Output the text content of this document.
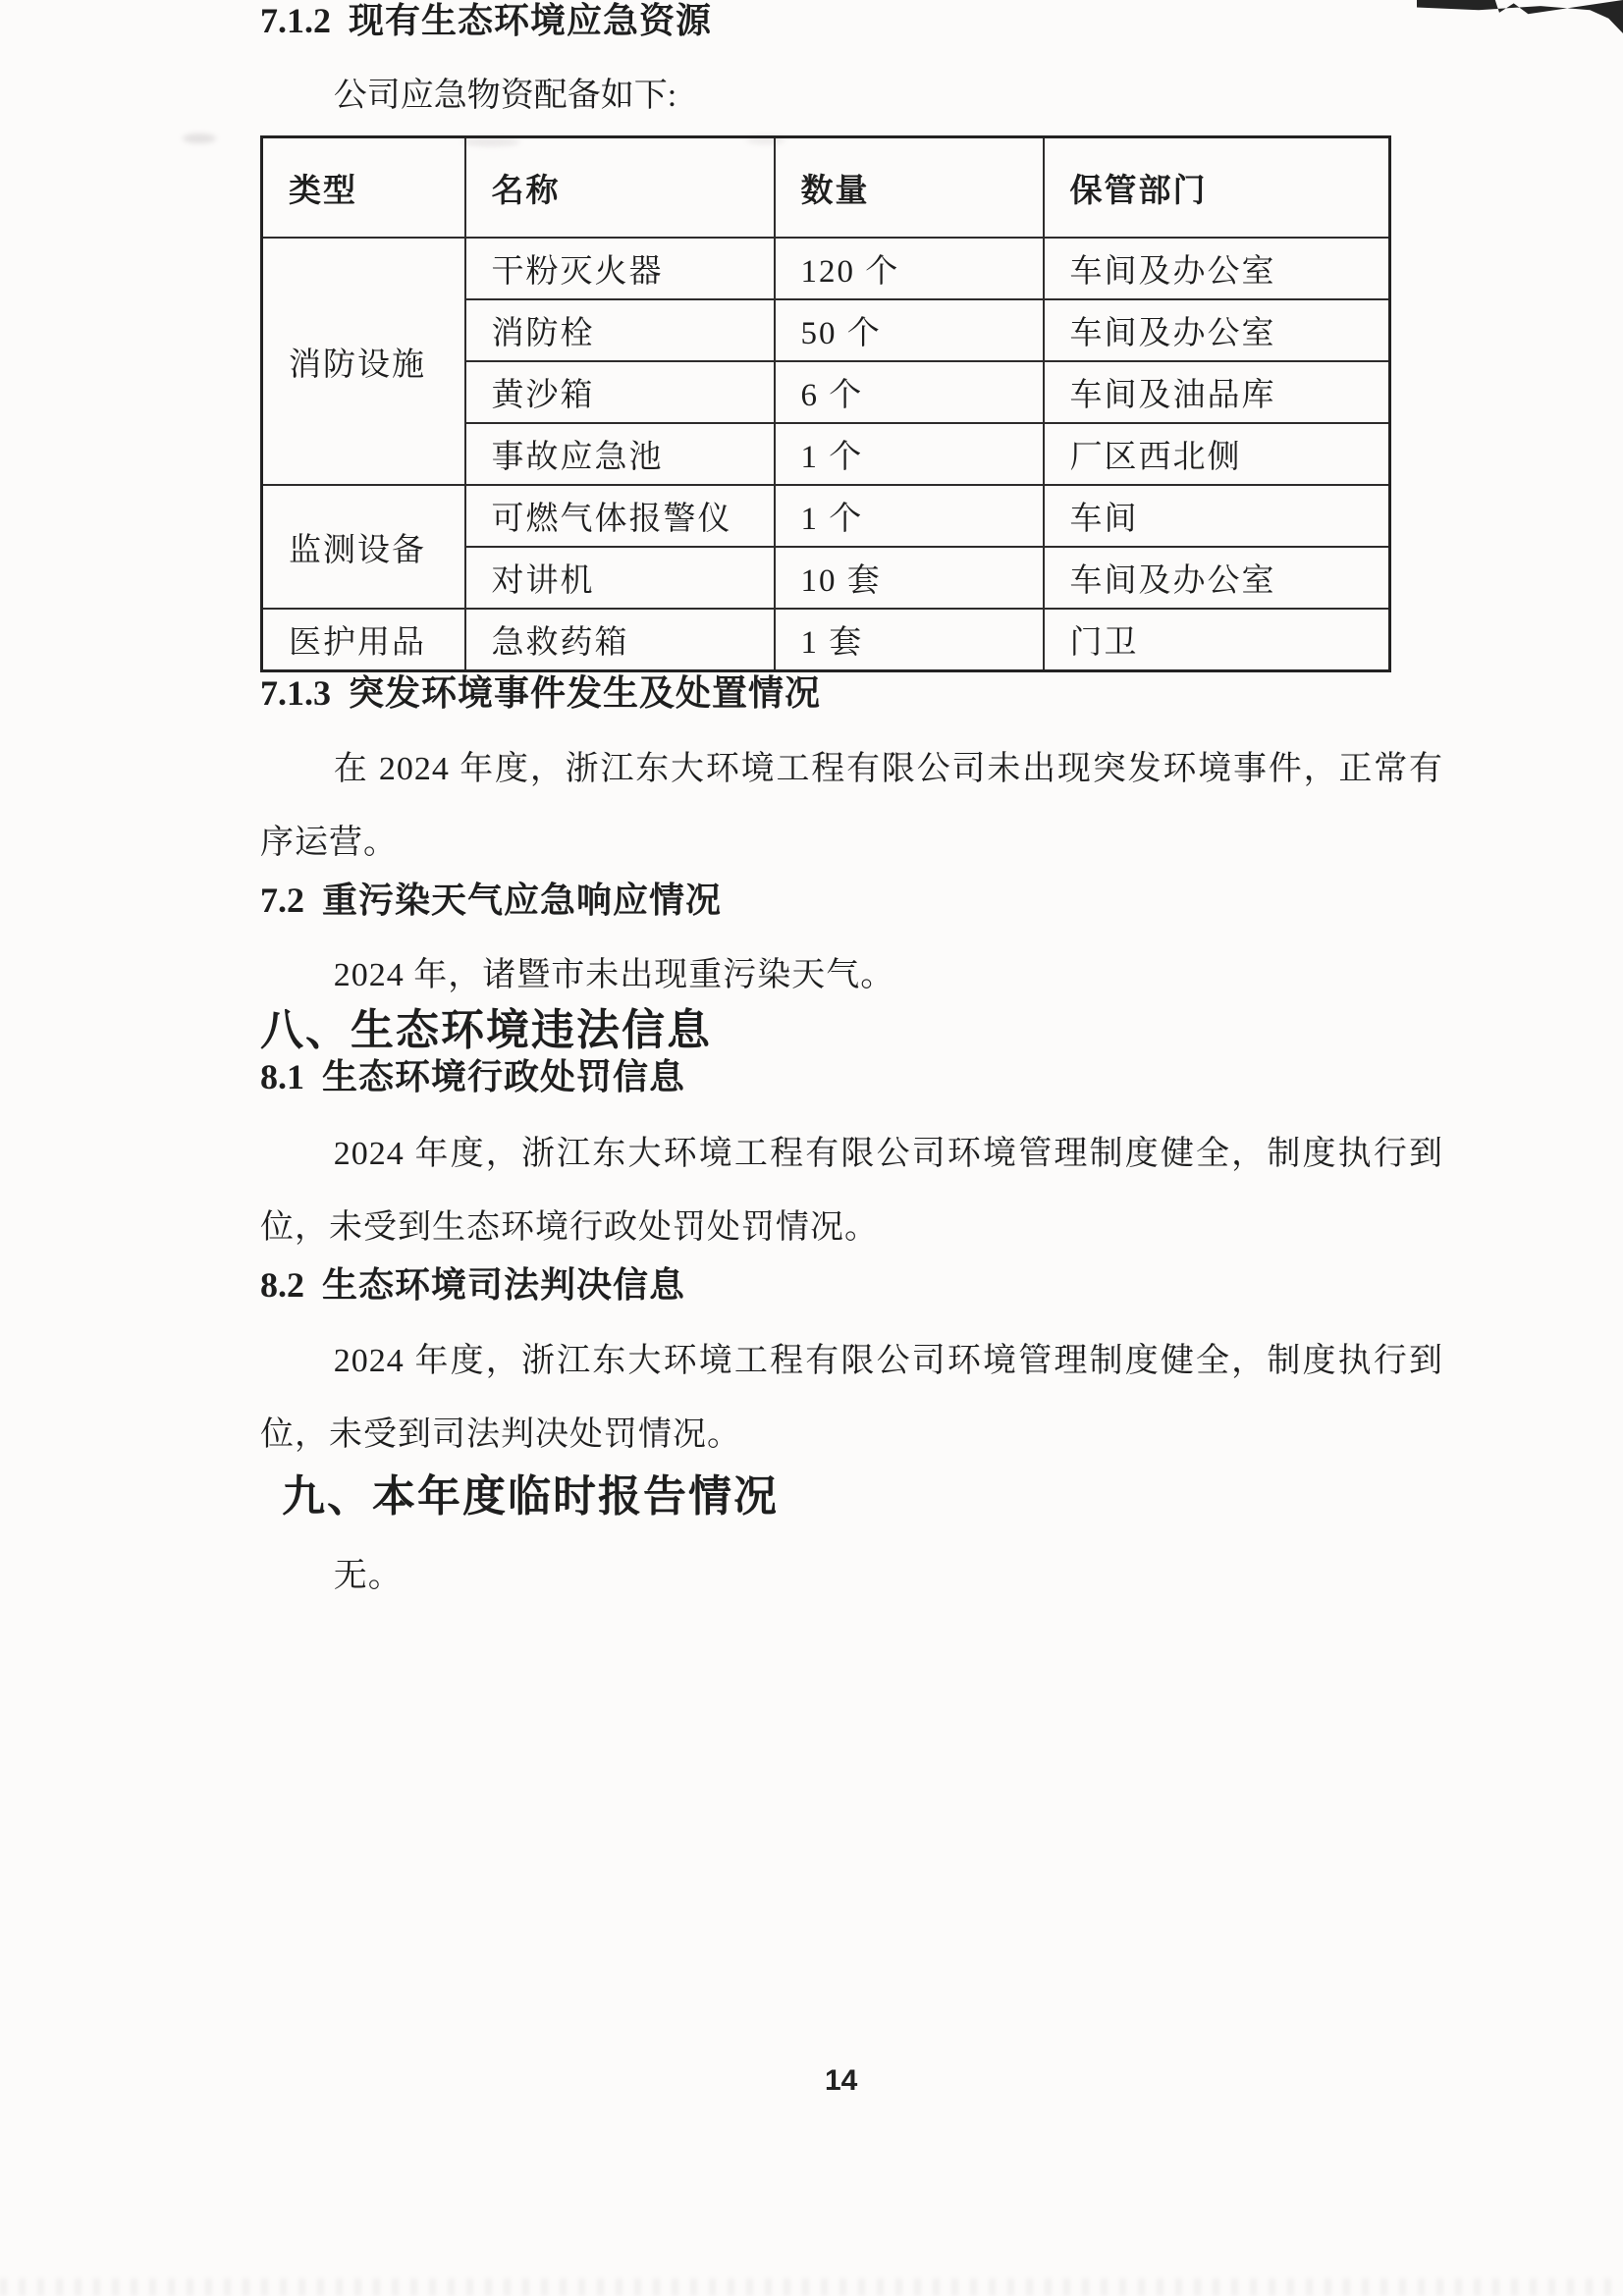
7.1.2 现有生态环境应急资源

公司应急物资配备如下:

类型	名称	数量	保管部门
消防设施	干粉灭火器	120 个	车间及办公室
	消防栓	50 个	车间及办公室
	黄沙箱	6 个	车间及油品库
	事故应急池	1 个	厂区西北侧
监测设备	可燃气体报警仪	1 个	车间
	对讲机	10 套	车间及办公室
医护用品	急救药箱	1 套	门卫
7.1.3 突发环境事件发生及处置情况

在 2024 年度，浙江东大环境工程有限公司未出现突发环境事件，正常有序运营。

7.2 重污染天气应急响应情况

2024 年，诸暨市未出现重污染天气。

八、生态环境违法信息
8.1 生态环境行政处罚信息

2024 年度，浙江东大环境工程有限公司环境管理制度健全，制度执行到位，未受到生态环境行政处罚处罚情况。

8.2 生态环境司法判决信息

2024 年度，浙江东大环境工程有限公司环境管理制度健全，制度执行到位，未受到司法判决处罚情况。

九、本年度临时报告情况

无。

14
